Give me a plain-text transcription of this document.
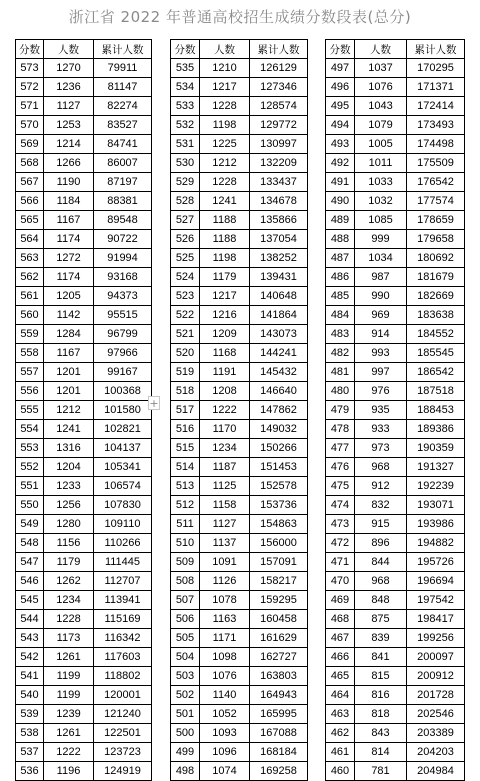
浙江省 2022 年普通高校招生成绩分数段表(总分)
分数	人数	累计人数
573	1270	79911
572	1236	81147
571	1127	82274
570	1253	83527
569	1214	84741
568	1266	86007
567	1190	87197
566	1184	88381
565	1167	89548
564	1174	90722
563	1272	91994
562	1174	93168
561	1205	94373
560	1142	95515
559	1284	96799
558	1167	97966
557	1201	99167
556	1201	100368
555	1212	101580
554	1241	102821
553	1316	104137
552	1204	105341
551	1233	106574
550	1256	107830
549	1280	109110
548	1156	110266
547	1179	111445
546	1262	112707
545	1234	113941
544	1228	115169
543	1173	116342
542	1261	117603
541	1199	118802
540	1199	120001
539	1239	121240
538	1261	122501
537	1222	123723
536	1196	124919
+
分数	人数	累计人数
535	1210	126129
534	1217	127346
533	1228	128574
532	1198	129772
531	1225	130997
530	1212	132209
529	1228	133437
528	1241	134678
527	1188	135866
526	1188	137054
525	1198	138252
524	1179	139431
523	1217	140648
522	1216	141864
521	1209	143073
520	1168	144241
519	1191	145432
518	1208	146640
517	1222	147862
516	1170	149032
515	1234	150266
514	1187	151453
513	1125	152578
512	1158	153736
511	1127	154863
510	1137	156000
509	1091	157091
508	1126	158217
507	1078	159295
506	1163	160458
505	1171	161629
504	1098	162727
503	1076	163803
502	1140	164943
501	1052	165995
500	1093	167088
499	1096	168184
498	1074	169258
分数	人数	累计人数
497	1037	170295
496	1076	171371
495	1043	172414
494	1079	173493
493	1005	174498
492	1011	175509
491	1033	176542
490	1032	177574
489	1085	178659
488	999	179658
487	1034	180692
486	987	181679
485	990	182669
484	969	183638
483	914	184552
482	993	185545
481	997	186542
480	976	187518
479	935	188453
478	933	189386
477	973	190359
476	968	191327
475	912	192239
474	832	193071
473	915	193986
472	896	194882
471	844	195726
470	968	196694
469	848	197542
468	875	198417
467	839	199256
466	841	200097
465	815	200912
464	816	201728
463	818	202546
462	843	203389
461	814	204203
460	781	204984
